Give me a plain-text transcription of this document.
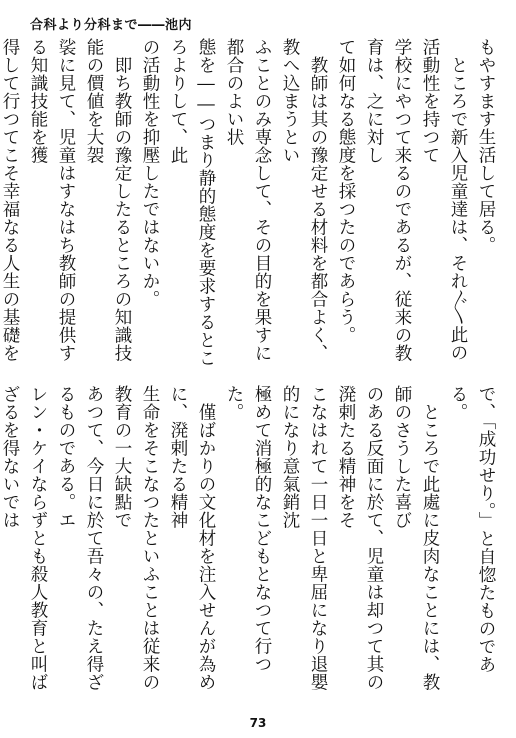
合科より分科まで――池内

もやすます生活して居る。

　ところで新入児童達は、それ〴〵此の活動性を持つて

学校にやつて来るのであるが、従来の教育は、之に対し

て如何なる態度を採つたのであらう。

　教師は其の豫定せる材料を都合よく、教へ込まうとい

ふことのみ専念して、その目的を果すに都合のよい状

態を――つまり静的態度を要求するところよりして、此

の活動性を抑壓したではないか。

　即ち教師の豫定したるところの知識技能の價値を大袈

裟に見て、児童はすなはち教師の提供する知識技能を獲

得して行つてこそ幸福なる人生の基礎を

で、「成功せり。」と自惚たものである。

　ところで此處に皮肉なことには、教師のさうした喜び

のある反面に於て、児童は却つて其の溌剌たる精神をそ

こなはれて一日一日と卑屈になり退嬰的になり意氣銷沈

極めて消極的なこどもとなつて行つた。

　僅ばかりの文化材を注入せんが為めに、溌剌たる精神

生命をそこなつたといふことは従来の教育の一大缺點で

あつて、今日に於て吾々の、たえ得ざるものである。エ

レン・ケイならずとも殺人教育と叫ばざるを得ないでは

73
